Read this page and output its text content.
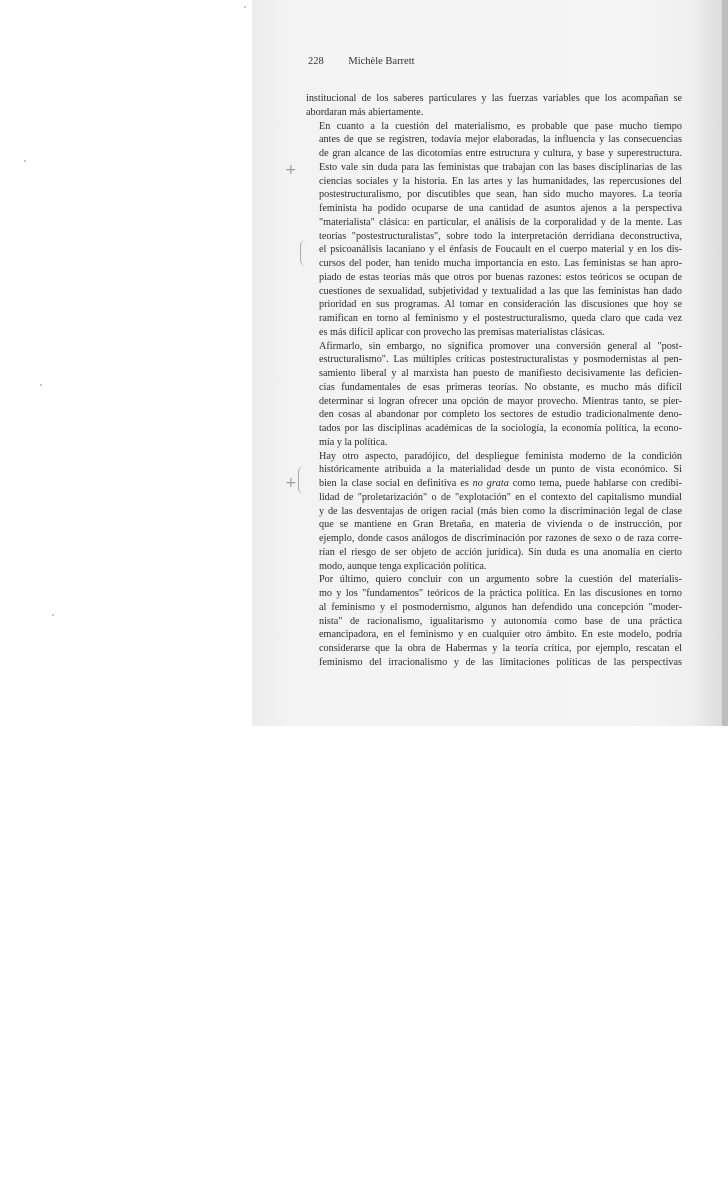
228 Michèle Barrett
+
+

institucional de los saberes particulares y las fuerzas variables que los acompañan se
abordaran más abiertamente.

En cuanto a la cuestión del materialismo, es probable que pase mucho tiempo
antes de que se registren, todavía mejor elaboradas, la influencia y las consecuencias
de gran alcance de las dicotomías entre estructura y cultura, y base y superestructura.
Esto vale sin duda para las feministas que trabajan con las bases disciplinarias de las
ciencias sociales y la historia. En las artes y las humanidades, las repercusiones del
postestructuralismo, por discutibles que sean, han sido mucho mayores. La teoría
feminista ha podido ocuparse de una cantidad de asuntos ajenos a la perspectiva
"materialista" clásica: en particular, el análisis de la corporalidad y de la mente. Las
teorías "postestructuralistas", sobre todo la interpretación derridiana deconstructiva,
el psicoanálisis lacaniano y el énfasis de Foucault en el cuerpo material y en los dis-
cursos del poder, han tenido mucha importancia en esto. Las feministas se han apro-
piado de estas teorías más que otros por buenas razones: estos teóricos se ocupan de
cuestiones de sexualidad, subjetividad y textualidad a las que las feministas han dado
prioridad en sus programas. Al tomar en consideración las discusiones que hoy se
ramifican en torno al feminismo y el postestructuralismo, queda claro que cada vez
es más difícil aplicar con provecho las premisas materialistas clásicas.

Afirmarlo, sin embargo, no significa promover una conversión general al "post-
estructuralismo". Las múltiples críticas postestructuralistas y posmodernistas al pen-
samiento liberal y al marxista han puesto de manifiesto decisivamente las deficien-
cias fundamentales de esas primeras teorías. No obstante, es mucho más difícil
determinar si logran ofrecer una opción de mayor provecho. Mientras tanto, se pier-
den cosas al abandonar por completo los sectores de estudio tradicionalmente deno-
tados por las disciplinas académicas de la sociología, la economía política, la econo-
mía y la política.

Hay otro aspecto, paradójico, del despliegue feminista moderno de la condición
históricamente atribuida a la materialidad desde un punto de vista económico. Si
bien la clase social en definitiva es no grata como tema, puede hablarse con credibi-
lidad de "proletarización" o de "explotación" en el contexto del capitalismo mundial
y de las desventajas de origen racial (más bien como la discriminación legal de clase
que se mantiene en Gran Bretaña, en materia de vivienda o de instrucción, por
ejemplo, donde casos análogos de discriminación por razones de sexo o de raza corre-
rían el riesgo de ser objeto de acción jurídica). Sin duda es una anomalía en cierto
modo, aunque tenga explicación política.

Por último, quiero concluir con un argumento sobre la cuestión del materialis-
mo y los "fundamentos" teóricos de la práctica política. En las discusiones en torno
al feminismo y el posmodernismo, algunos han defendido una concepción "moder-
nista" de racionalismo, igualitarismo y autonomía como base de una práctica
emancipadora, en el feminismo y en cualquier otro ámbito. En este modelo, podría
considerarse que la obra de Habermas y la teoría crítica, por ejemplo, rescatan el
feminismo del irracionalismo y de las limitaciones políticas de las perspectivas
